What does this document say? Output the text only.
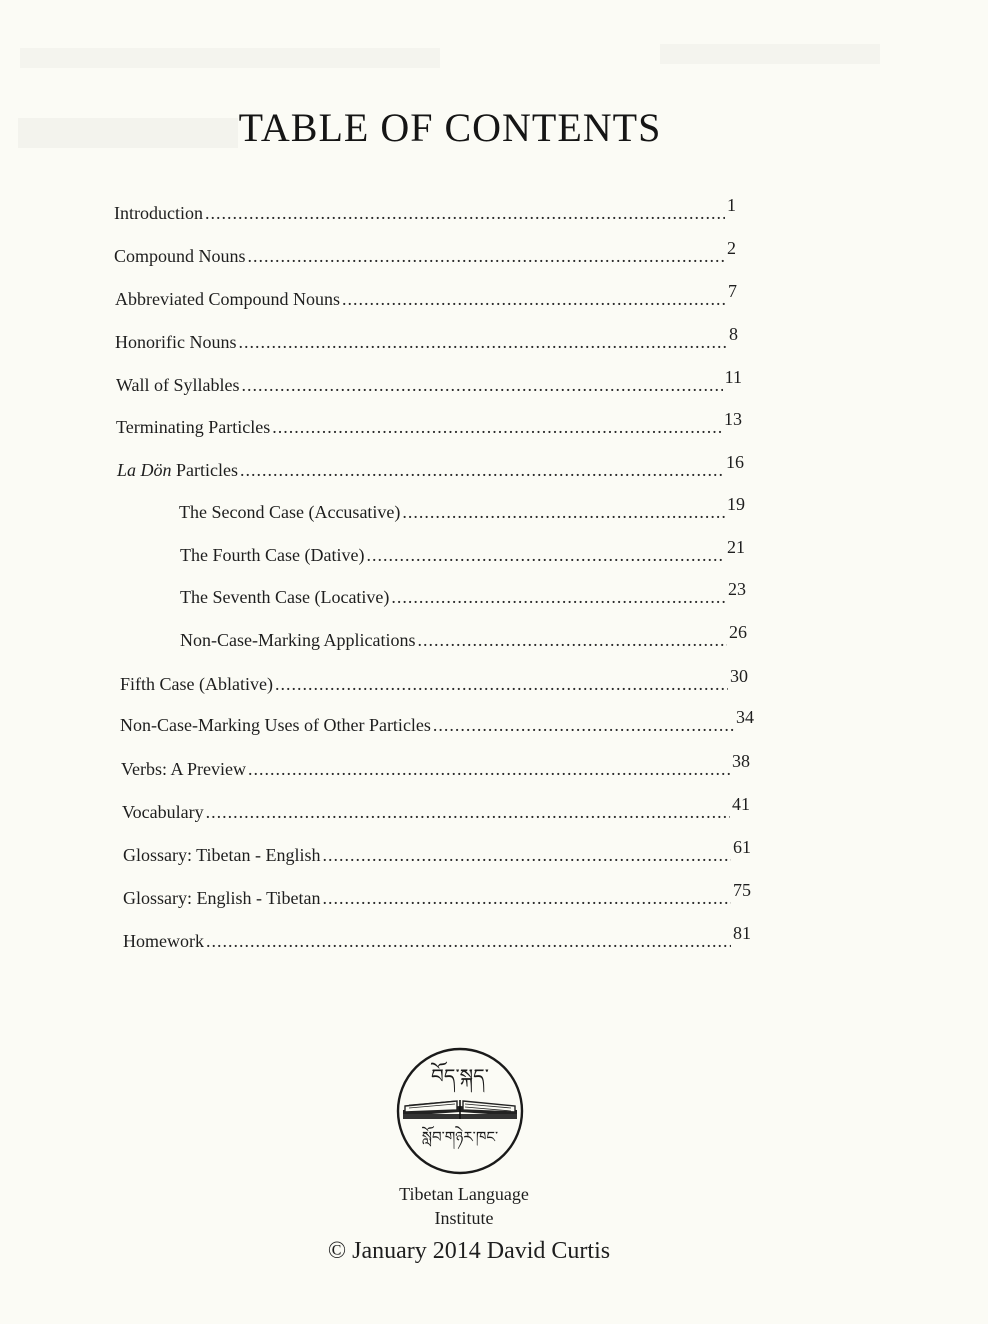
TABLE OF CONTENTS
Introduction .....	1
Compound Nouns .....	2
Abbreviated Compound Nouns .....	7
Honorific Nouns .....	8
Wall of Syllables .....	11
Terminating Particles .....	13
La Dön Particles .....	16
The Second Case (Accusative) .....	19
The Fourth Case (Dative) .....	21
The Seventh Case (Locative) .....	23
Non-Case-Marking Applications .....	26
Fifth Case (Ablative) .....	30
Non-Case-Marking Uses of Other Particles .....	34
Verbs: A Preview .....	38
Vocabulary .....	41
Glossary: Tibetan - English .....	61
Glossary: English - Tibetan .....	75
Homework .....	81
བོད་སྐད་
སློབ་གཉེར་ཁང་
Tibetan Language
Institute
© January 2014 David Curtis
